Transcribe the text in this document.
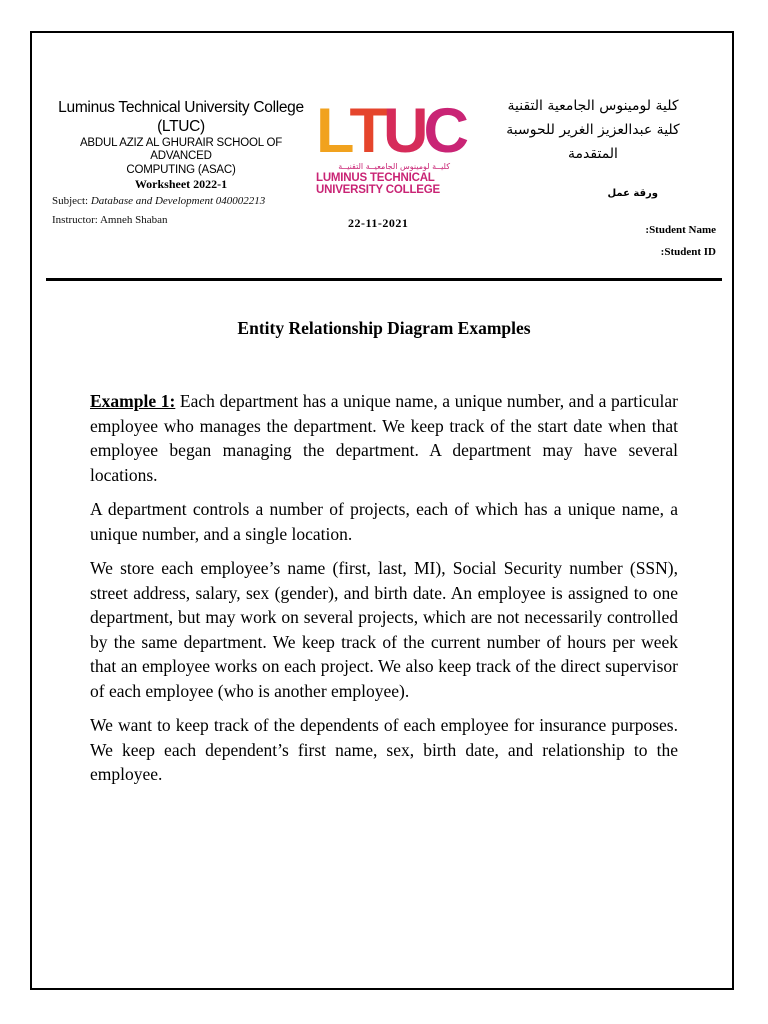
Luminus Technical University College
(LTUC)
ABDUL AZIZ AL GHURAIR SCHOOL OF ADVANCED
COMPUTING (ASAC)
Worksheet 2022-1
Subject: Database and Development 040002213
Instructor: Amneh Shaban
L T U C
كليــة لومينوس الجامعيــة التقنيــة
LUMINUS TECHNICAL
UNIVERSITY COLLEGE
22-11-2021
كلية لومينوس الجامعية التقنية
كلية عبدالعزيز الغرير للحوسبة
المتقدمة
ورقة عمل
:Student Name
:Student ID
Entity Relationship Diagram Examples

Example 1: Each department has a unique name, a unique number, and a particular employee who manages the department. We keep track of the start date when that employee began managing the department. A department may have several locations.

A department controls a number of projects, each of which has a unique name, a unique number, and a single location.

We store each employee’s name (first, last, MI), Social Security number (SSN), street address, salary, sex (gender), and birth date. An employee is assigned to one department, but may work on several projects, which are not necessarily controlled by the same department. We keep track of the current number of hours per week that an employee works on each project. We also keep track of the direct supervisor of each employee (who is another employee).

We want to keep track of the dependents of each employee for insurance purposes. We keep each dependent’s first name, sex, birth date, and relationship to the employee.
